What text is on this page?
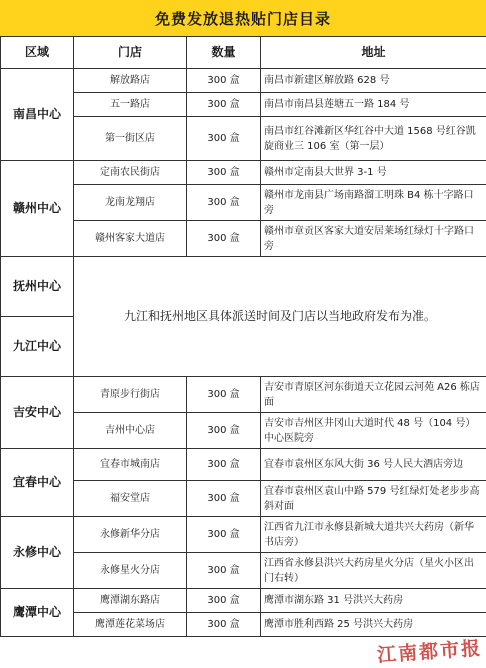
免费发放退热贴门店目录
区域	门店	数量	地址
南昌中心	解放路店	300 盒	南昌市新建区解放路 628 号
	五一路店	300 盒	南昌市南昌县莲塘五一路 184 号
	第一街区店	300 盒	南昌市红谷滩新区华红谷中大道 1568 号红谷凯旋商业三 106 室（第一层）
赣州中心	定南农民街店	300 盒	赣州市定南县大世界 3-1 号
	龙南龙翔店	300 盒	赣州市龙南县广场南路溜工明珠 B4 栋十字路口旁
	赣州客家大道店	300 盒	赣州市章贡区客家大道安居莱场红绿灯十字路口旁
抚州中心	九江和抚州地区具体派送时间及门店以当地政府发布为准。		
九江中心			
吉安中心	青原步行街店	300 盒	吉安市青原区河东街道天立花园云河苑 A26 栋店面
	吉州中心店	300 盒	吉安市吉州区井冈山大道时代 48 号（104 号）中心医院旁
宜春中心	宜春市城南店	300 盒	宜春市袁州区东风大街 36 号人民大酒店旁边
	福安堂店	300 盒	宜春市袁州区袁山中路 579 号红绿灯处老步步高斜对面
永修中心	永修新华分店	300 盒	江西省九江市永修县新城大道共兴大药房（新华书店旁）
	永修星火分店	300 盒	江西省永修县洪兴大药房星火分店（星火小区出门右转）
鹰潭中心	鹰潭湖东路店	300 盒	鹰潭市湖东路 31 号洪兴大药房
	鹰潭莲花菜场店	300 盒	鹰潭市胜利西路 25 号洪兴大药房
江南都市报
